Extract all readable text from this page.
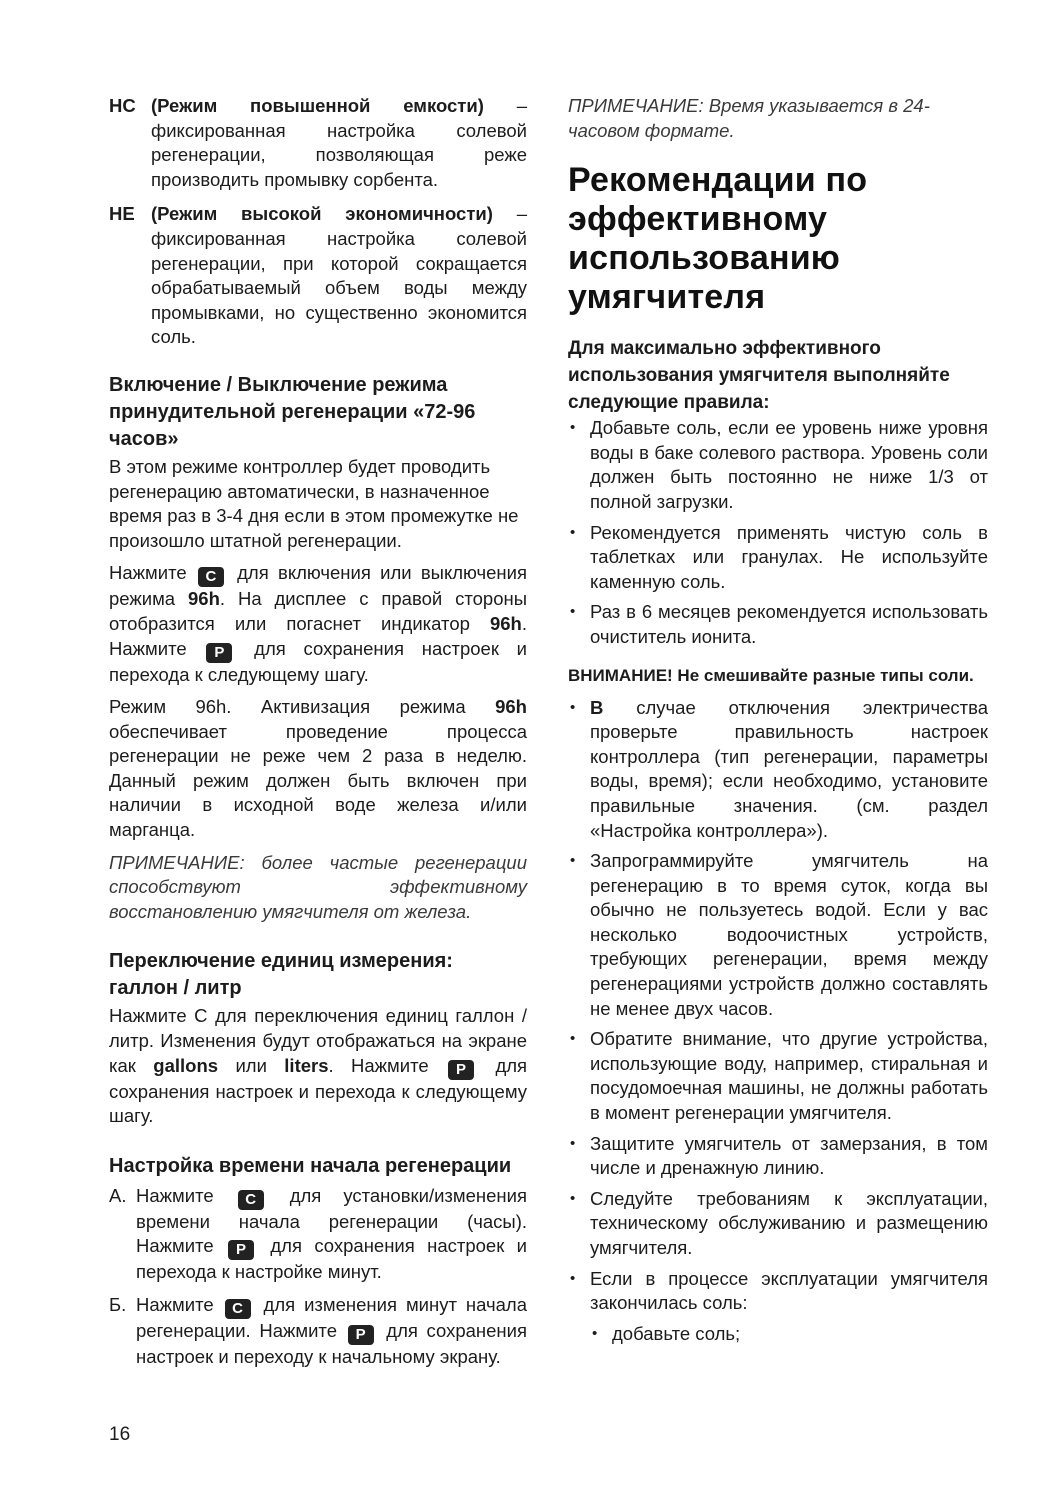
HC (Режим повышенной емкости) – фиксированная настройка солевой регенерации, позволяющая реже производить промывку сорбента.
HE (Режим высокой экономичности) – фиксированная настройка солевой регенерации, при которой сокращается обрабатываемый объем воды между промывками, но существенно экономится соль.
Включение / Выключение режима принудительной регенерации «72-96 часов»

В этом режиме контроллер будет проводить регенерацию автоматически, в назначенное время раз в 3-4 дня если в этом промежутке не произошло штатной регенерации.

Нажмите C для включения или выключения режима 96h. На дисплее с правой стороны отобразится или погаснет индикатор 96h. Нажмите P для сохранения настроек и перехода к следующему шагу.

Режим 96h. Активизация режима 96h обеспечивает проведение процесса регенерации не реже чем 2 раза в неделю. Данный режим должен быть включен при наличии в исходной воде железа и/или марганца.

ПРИМЕЧАНИЕ: более частые регенерации способствуют эффективному восстановлению умягчителя от железа.

Переключение единиц измерения: галлон / литр

Нажмите С для переключения единиц галлон / литр. Изменения будут отображаться на экране как gallons или liters. Нажмите P для сохранения настроек и перехода к следующему шагу.

Настройка времени начала регенерации
А. Нажмите C для установки/изменения времени начала регенерации (часы). Нажмите P для сохранения настроек и перехода к настройке минут.
Б. Нажмите C для изменения минут начала регенерации. Нажмите P для сохранения настроек и переходу к начальному экрану.

ПРИМЕЧАНИЕ: Время указывается в 24-часовом формате.

Рекомендации по эффективному использованию умягчителя

Для максимально эффективного использования умягчителя выполняйте следующие правила:

• Добавьте соль, если ее уровень ниже уровня воды в баке солевого раствора. Уровень соли должен быть постоянно не ниже 1/3 от полной загрузки.
• Рекомендуется применять чистую соль в таблетках или гранулах. Не используйте каменную соль.
• Раз в 6 месяцев рекомендуется использовать очиститель ионита.

ВНИМАНИЕ! Не смешивайте разные типы соли.

• В случае отключения электричества проверьте правильность настроек контроллера (тип регенерации, параметры воды, время); если необходимо, установите правильные значения. (см. раздел «Настройка контроллера»).
• Запрограммируйте умягчитель на регенерацию в то время суток, когда вы обычно не пользуетесь водой. Если у вас несколько водоочистных устройств, требующих регенерации, время между регенерациями устройств должно составлять не менее двух часов.
• Обратите внимание, что другие устройства, использующие воду, например, стиральная и посудомоечная машины, не должны работать в момент регенерации умягчителя.
• Защитите умягчитель от замерзания, в том числе и дренажную линию.
• Следуйте требованиям к эксплуатации, техническому обслуживанию и размещению умягчителя.
• Если в процессе эксплуатации умягчителя закончилась соль:
• добавьте соль;
16
